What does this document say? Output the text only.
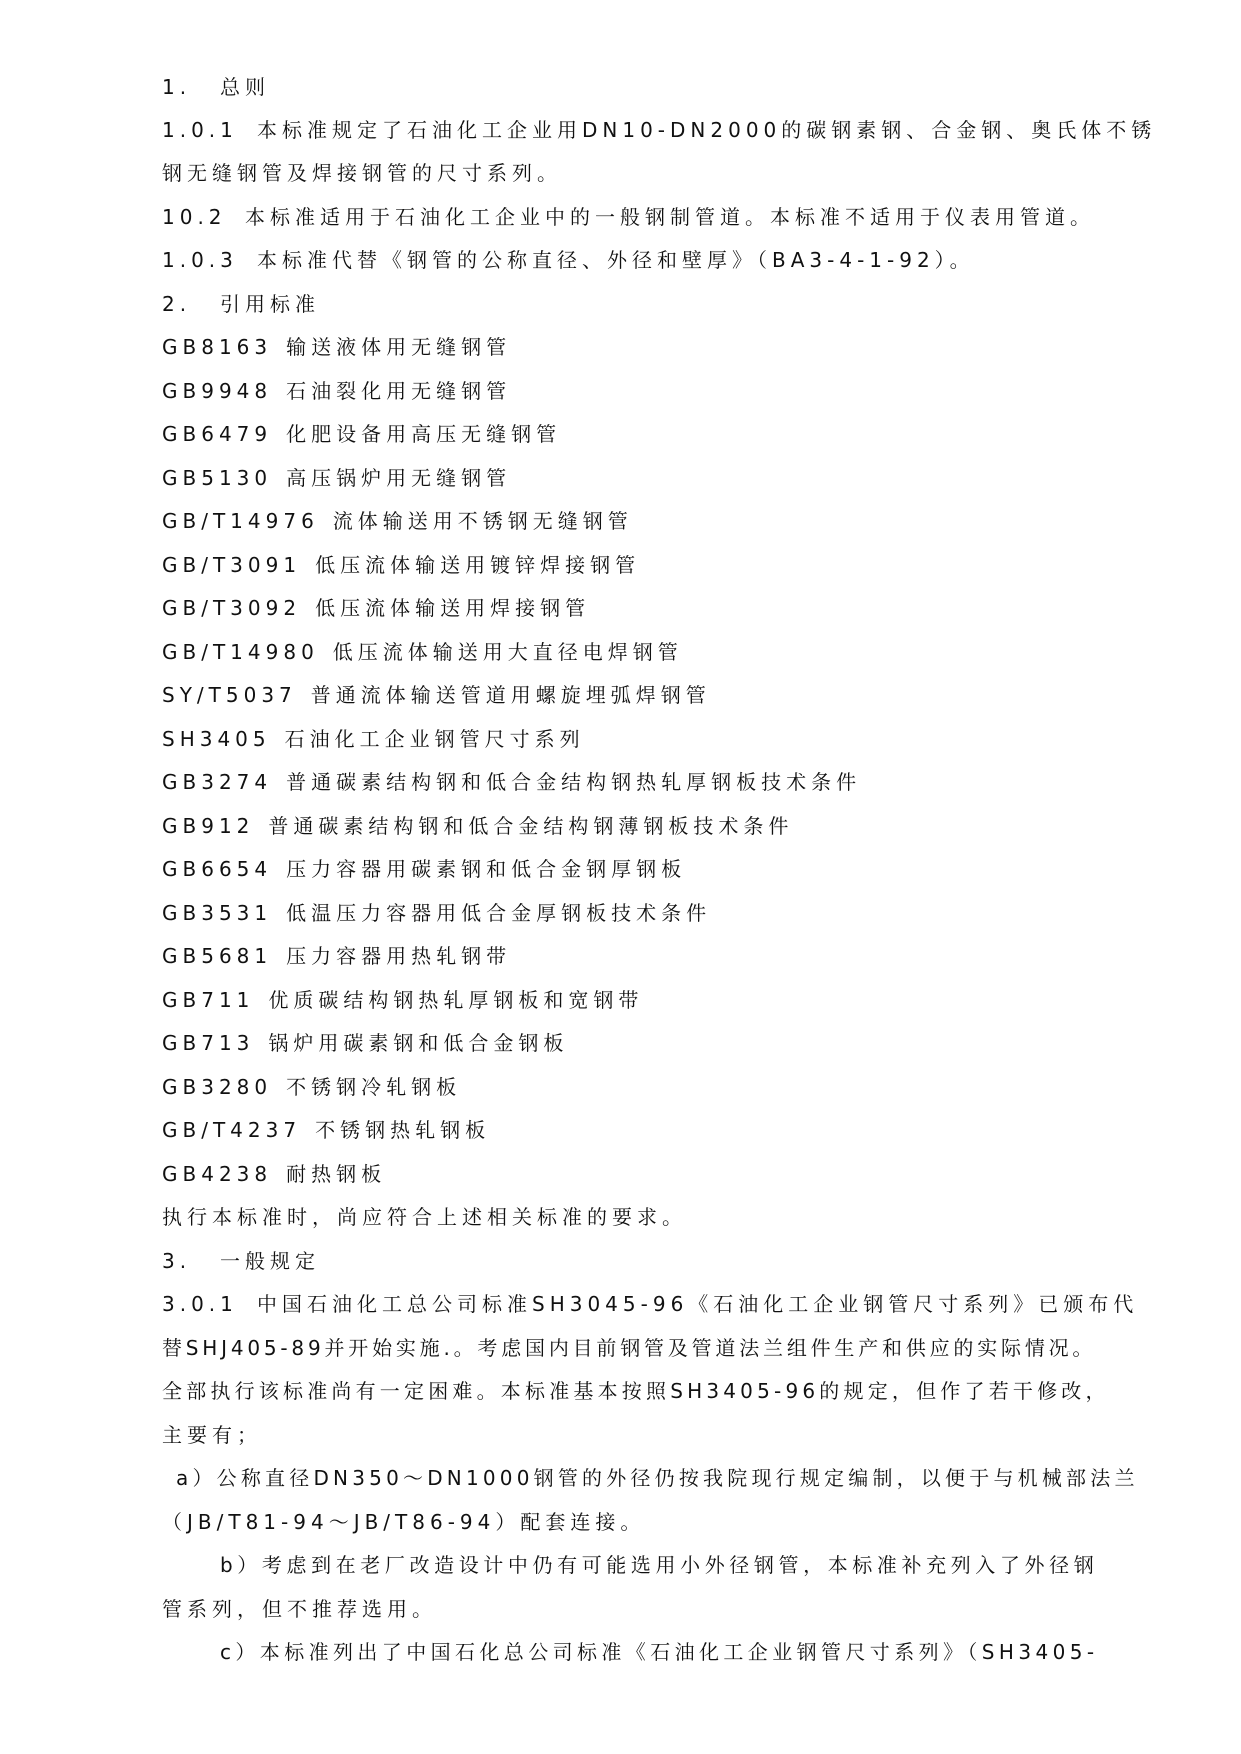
1. 总则
1.0.1 本标准规定了石油化工企业用DN10-DN2000的碳钢素钢、合金钢、奥氏体不锈
钢无缝钢管及焊接钢管的尺寸系列。
10.2 本标准适用于石油化工企业中的一般钢制管道。本标准不适用于仪表用管道。
1.0.3 本标准代替《钢管的公称直径、外径和壁厚》（BA3-4-1-92）。
2. 引用标准
GB8163 输送液体用无缝钢管
GB9948 石油裂化用无缝钢管
GB6479 化肥设备用高压无缝钢管
GB5130 高压锅炉用无缝钢管
GB/T14976 流体输送用不锈钢无缝钢管
GB/T3091 低压流体输送用镀锌焊接钢管
GB/T3092 低压流体输送用焊接钢管
GB/T14980 低压流体输送用大直径电焊钢管
SY/T5037 普通流体输送管道用螺旋埋弧焊钢管
SH3405 石油化工企业钢管尺寸系列
GB3274 普通碳素结构钢和低合金结构钢热轧厚钢板技术条件
GB912 普通碳素结构钢和低合金结构钢薄钢板技术条件
GB6654 压力容器用碳素钢和低合金钢厚钢板
GB3531 低温压力容器用低合金厚钢板技术条件
GB5681 压力容器用热轧钢带
GB711 优质碳结构钢热轧厚钢板和宽钢带
GB713 锅炉用碳素钢和低合金钢板
GB3280 不锈钢冷轧钢板
GB/T4237 不锈钢热轧钢板
GB4238 耐热钢板
执行本标准时，尚应符合上述相关标准的要求。
3. 一般规定
3.0.1 中国石油化工总公司标准SH3045-96《石油化工企业钢管尺寸系列》已颁布代
替SHJ405-89并开始实施.。考虑国内目前钢管及管道法兰组件生产和供应的实际情况。
全部执行该标准尚有一定困难。本标准基本按照SH3405-96的规定，但作了若干修改，
主要有；
a）公称直径DN350～DN1000钢管的外径仍按我院现行规定编制，以便于与机械部法兰
（JB/T81-94～JB/T86-94）配套连接。
b）考虑到在老厂改造设计中仍有可能选用小外径钢管，本标准补充列入了外径钢
管系列，但不推荐选用。
c）本标准列出了中国石化总公司标准《石油化工企业钢管尺寸系列》（SH3405-
